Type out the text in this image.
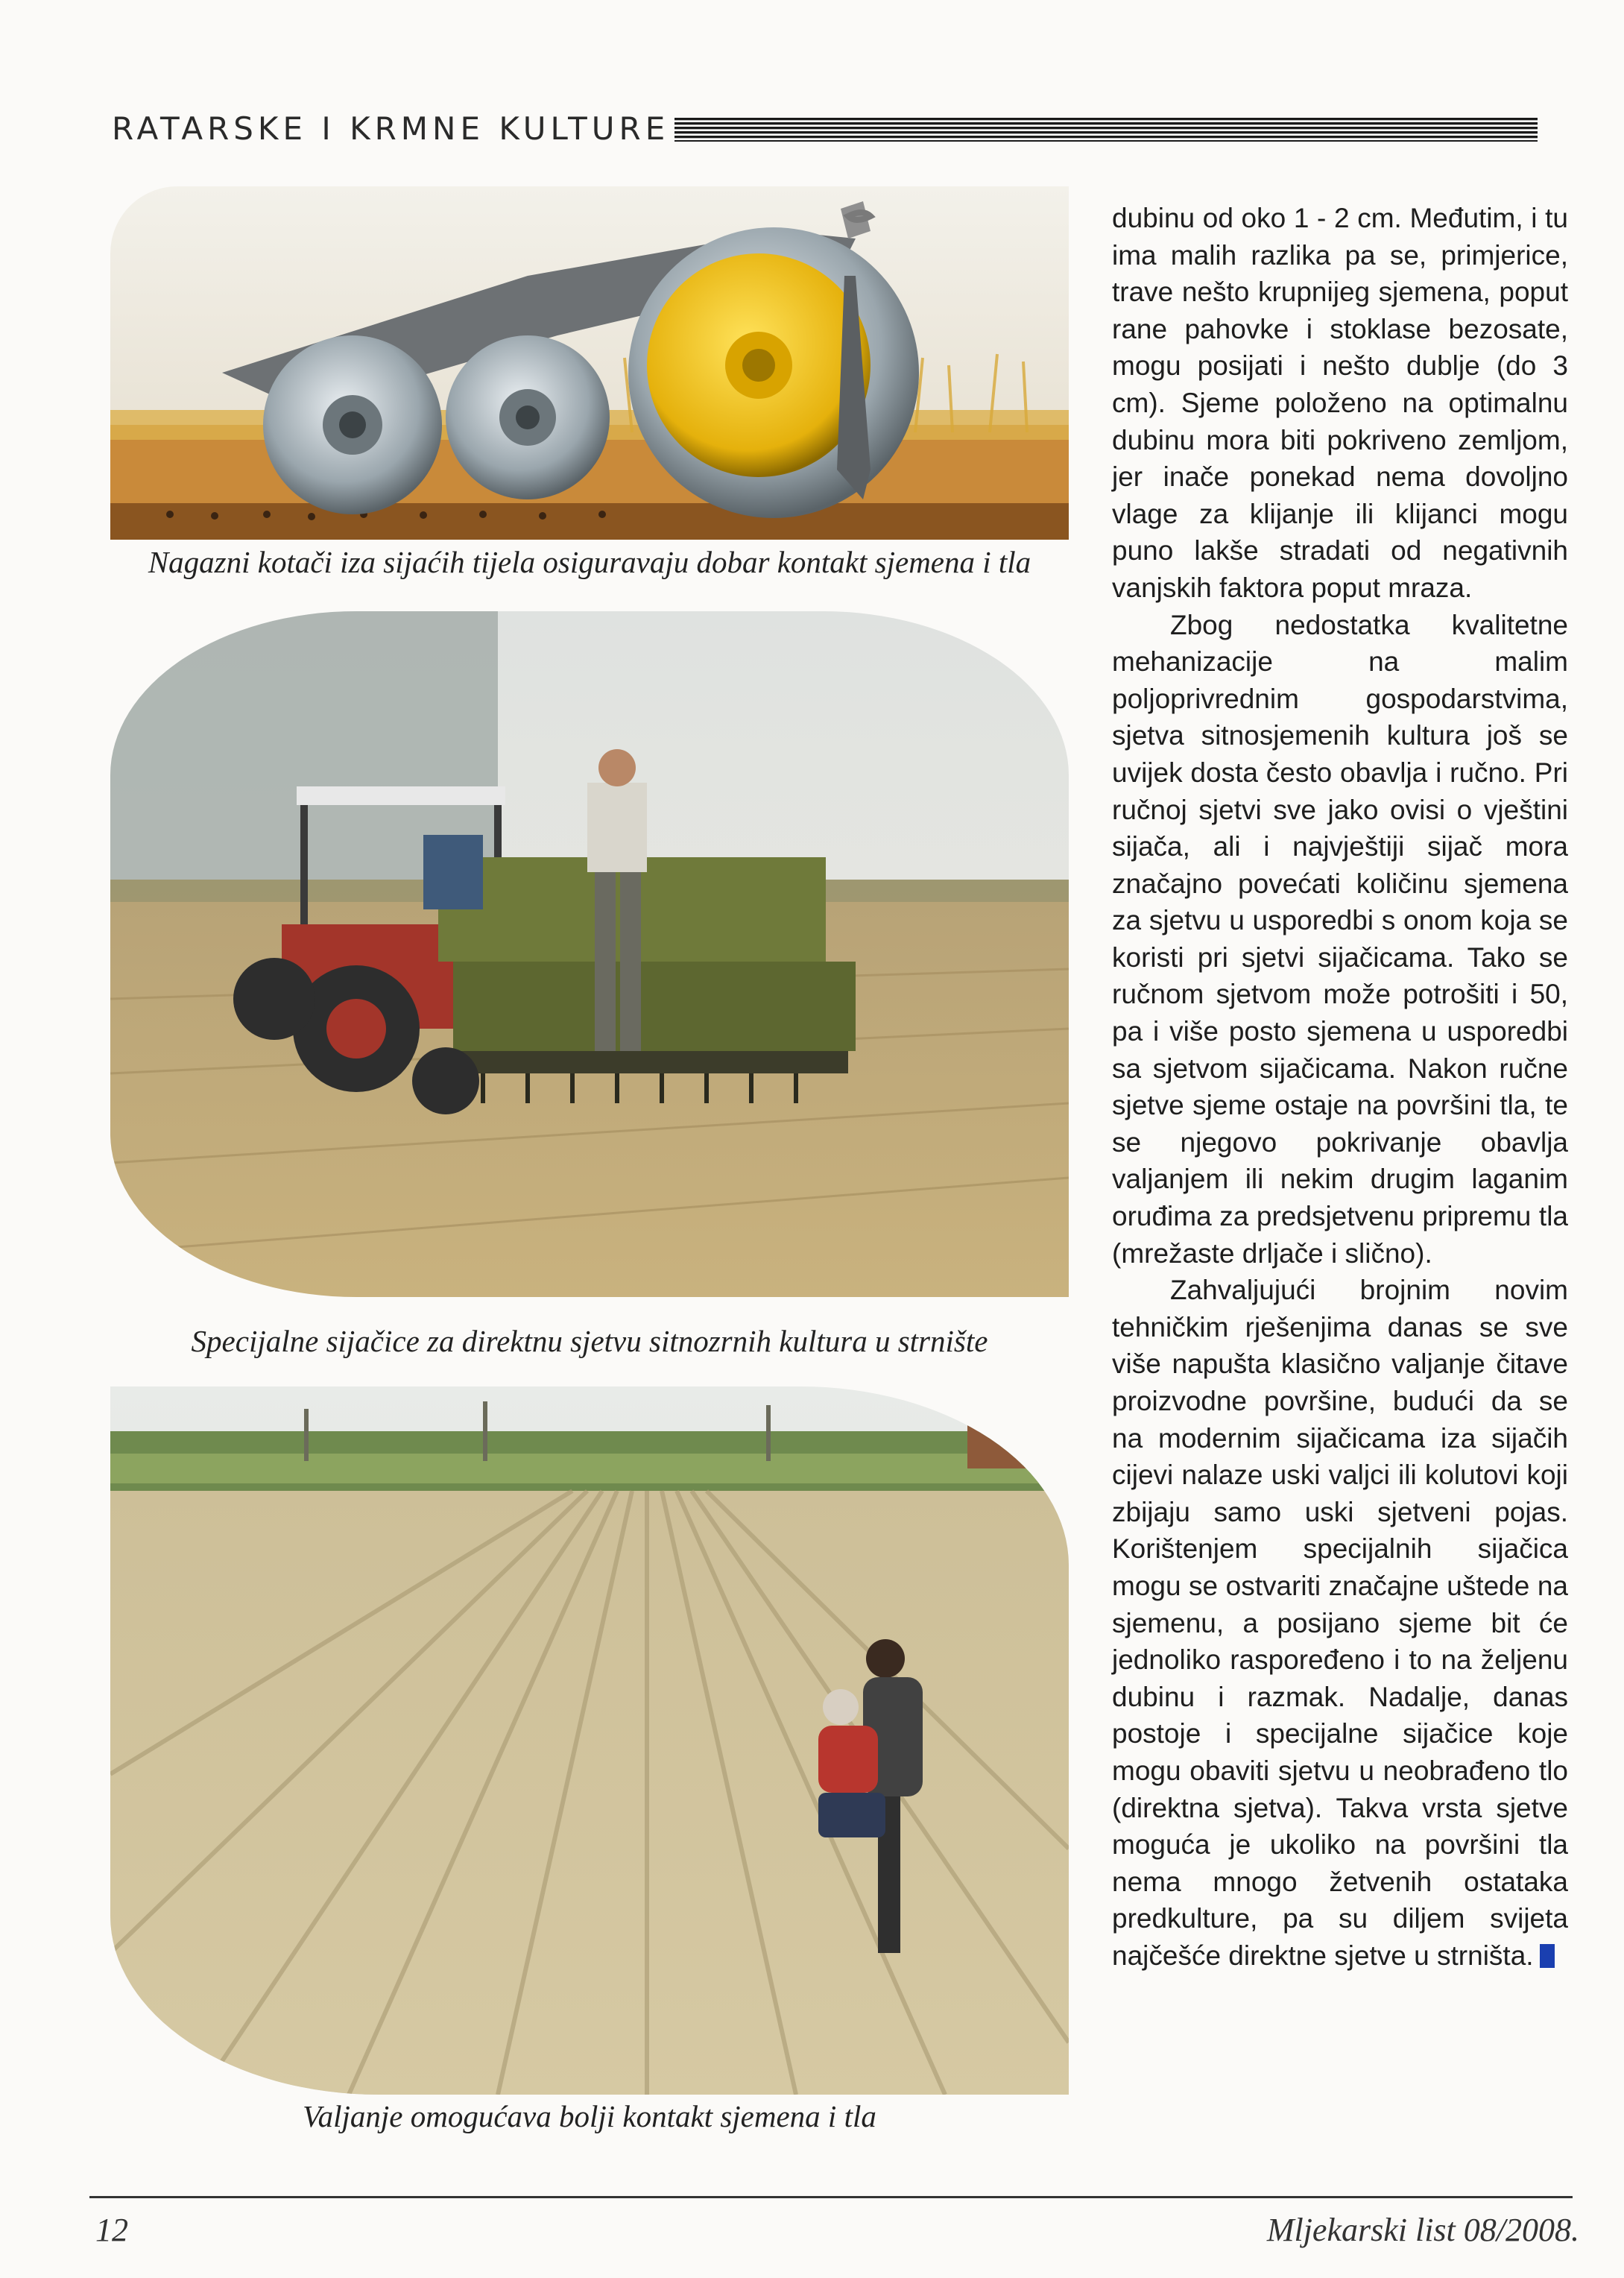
RATARSKE I KRMNE KULTURE
Nagazni kotači iza sijaćih tijela osiguravaju dobar kontakt sjemena i tla
Specijalne sijačice za direktnu sjetvu sitnozrnih kultura u strnište
Valjanje omogućava bolji kontakt sjemena i tla

dubinu od oko 1 - 2 cm. Međutim, i tu ima malih razlika pa se, primjerice, trave nešto krupnijeg sjemena, poput rane pahovke i stoklase bezosate, mogu posijati i nešto dublje (do 3 cm). Sjeme položeno na optimalnu dubinu mora biti pokriveno zemljom, jer inače ponekad nema dovoljno vlage za klijanje ili klijanci mogu puno lakše stradati od negativnih vanjskih faktora poput mraza.

Zbog nedostatka kvalitetne mehanizacije na malim poljoprivrednim gospodarstvima, sjetva sitnosjemenih kultura još se uvijek dosta često obavlja i ručno. Pri ručnoj sjetvi sve jako ovisi o vještini sijača, ali i najvještiji sijač mora značajno povećati količinu sjemena za sjetvu u usporedbi s onom koja se koristi pri sjetvi sijačicama. Tako se ručnom sjetvom može potrošiti i 50, pa i više posto sjemena u usporedbi sa sjetvom sijačicama. Nakon ručne sjetve sjeme ostaje na površini tla, te se njegovo pokrivanje obavlja valjanjem ili nekim drugim laganim oruđima za predsjetvenu pripremu tla (mrežaste drljače i slično).

Zahvaljujući brojnim novim tehničkim rješenjima danas se sve više napušta klasično valjanje čitave proizvodne površine, budući da se na modernim sijačicama iza sijačih cijevi nalaze uski valjci ili kolutovi koji zbijaju samo uski sjetveni pojas. Korištenjem specijalnih sijačica mogu se ostvariti značajne uštede na sjemenu, a posijano sjeme bit će jednoliko raspoređeno i to na željenu dubinu i razmak. Nadalje, danas postoje i specijalne sijačice koje mogu obaviti sjetvu u neobrađeno tlo (direktna sjetva). Takva vrsta sjetve moguća je ukoliko na površini tla nema mnogo žetvenih ostataka predkulture, pa su diljem svijeta najčešće direktne sjetve u strništa.

12	Mljekarski list 08/2008.
